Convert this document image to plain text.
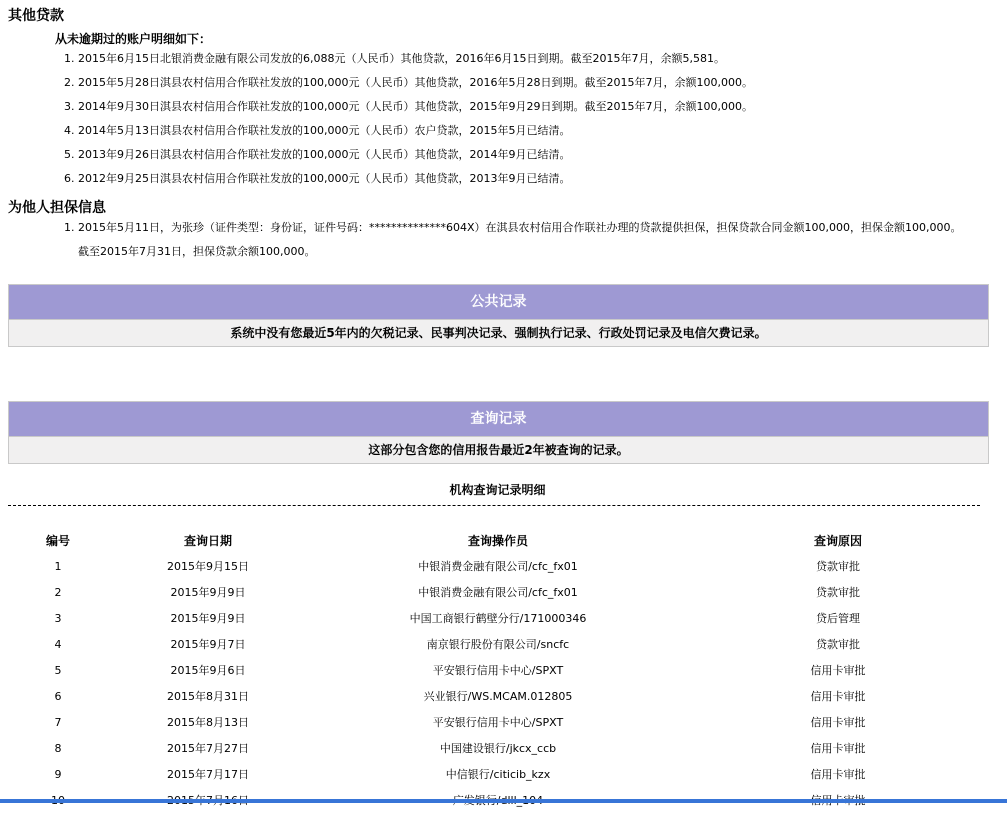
其他贷款
从未逾期过的账户明细如下：
1. 2015年6月15日北银消费金融有限公司发放的6,088元（人民币）其他贷款，2016年6月15日到期。截至2015年7月，余额5,581。
2. 2015年5月28日淇县农村信用合作联社发放的100,000元（人民币）其他贷款，2016年5月28日到期。截至2015年7月，余额100,000。
3. 2014年9月30日淇县农村信用合作联社发放的100,000元（人民币）其他贷款，2015年9月29日到期。截至2015年7月，余额100,000。
4. 2014年5月13日淇县农村信用合作联社发放的100,000元（人民币）农户贷款，2015年5月已结清。
5. 2013年9月26日淇县农村信用合作联社发放的100,000元（人民币）其他贷款，2014年9月已结清。
6. 2012年9月25日淇县农村信用合作联社发放的100,000元（人民币）其他贷款，2013年9月已结清。
为他人担保信息
1. 2015年5月11日，为张珍（证件类型：身份证，证件号码：**************604X）在淇县农村信用合作联社办理的贷款提供担保，担保贷款合同金额100,000，担保金额100,000。截至2015年7月31日，担保贷款余额100,000。
公共记录
系统中没有您最近5年内的欠税记录、民事判决记录、强制执行记录、行政处罚记录及电信欠费记录。
查询记录
这部分包含您的信用报告最近2年被查询的记录。
机构查询记录明细
编号	查询日期	查询操作员	查询原因
1	2015年9月15日	中银消费金融有限公司/cfc_fx01	贷款审批
2	2015年9月9日	中银消费金融有限公司/cfc_fx01	贷款审批
3	2015年9月9日	中国工商银行鹤壁分行/171000346	贷后管理
4	2015年9月7日	南京银行股份有限公司/sncfc	贷款审批
5	2015年9月6日	平安银行信用卡中心/SPXT	信用卡审批
6	2015年8月31日	兴业银行/WS.MCAM.012805	信用卡审批
7	2015年8月13日	平安银行信用卡中心/SPXT	信用卡审批
8	2015年7月27日	中国建设银行/jkcx_ccb	信用卡审批
9	2015年7月17日	中信银行/citicib_kzx	信用卡审批
